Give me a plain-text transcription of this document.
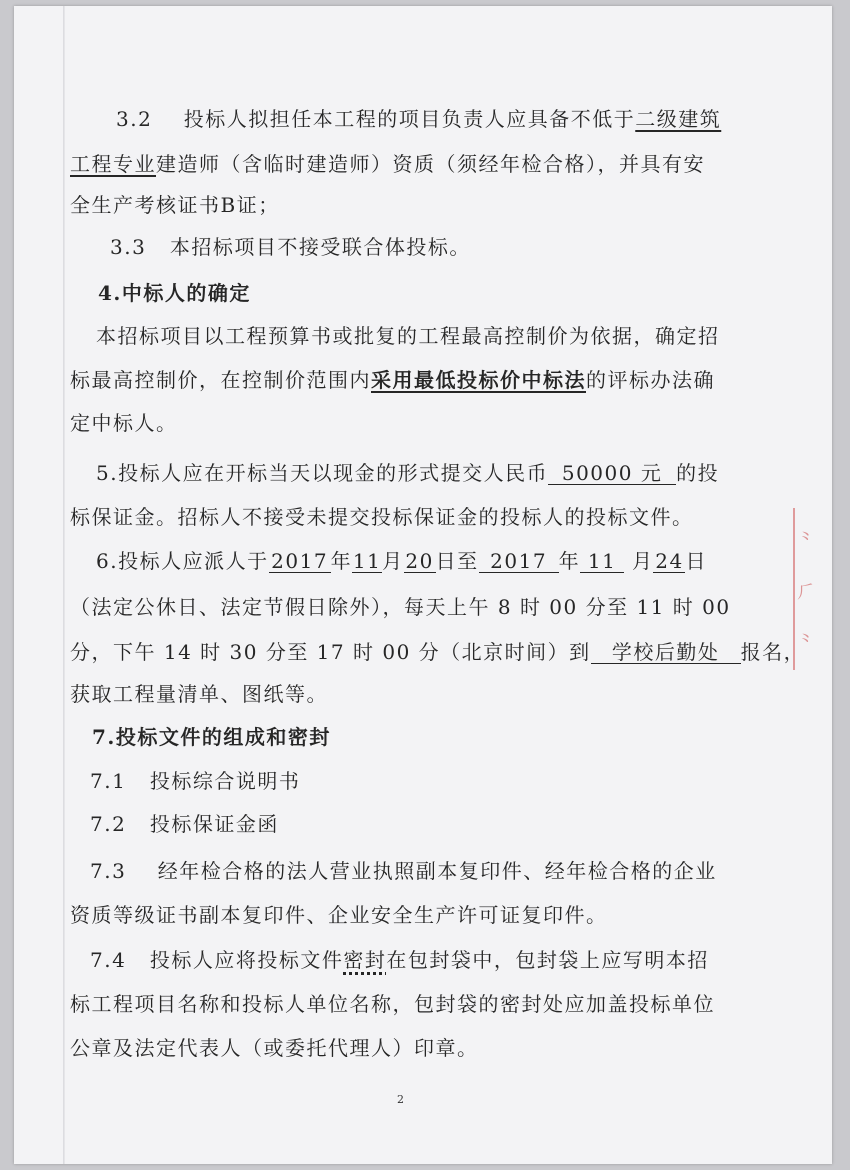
3.2 投标人拟担任本工程的项目负责人应具备不低于二级建筑
工程专业建造师（含临时建造师）资质（须经年检合格），并具有安
全生产考核证书B证；
3.3 本招标项目不接受联合体投标。
4.中标人的确定
本招标项目以工程预算书或批复的工程最高控制价为依据，确定招
标最高控制价，在控制价范围内采用最低投标价中标法的评标办法确
定中标人。
5.投标人应在开标当天以现金的形式提交人民币 50000 元 的投
标保证金。招标人不接受未提交投标保证金的投标人的投标文件。
6.投标人应派人于 2017 年11月20日至 2017 年 11 月24日
（法定公休日、法定节假日除外），每天上午 8 时 00 分至 11 时 00
分，下午 14 时 30 分至 17 时 00 分（北京时间）到 学校后勤处 报名，
获取工程量清单、图纸等。
7.投标文件的组成和密封
7.1 投标综合说明书
7.2 投标保证金函
7.3 经年检合格的法人营业执照副本复印件、经年检合格的企业
资质等级证书副本复印件、企业安全生产许可证复印件。
7.4 投标人应将投标文件密封在包封袋中，包封袋上应写明本招
标工程项目名称和投标人单位名称，包封袋的密封处应加盖投标单位
公章及法定代表人（或委托代理人）印章。
2
⺀
⺁
⺀
